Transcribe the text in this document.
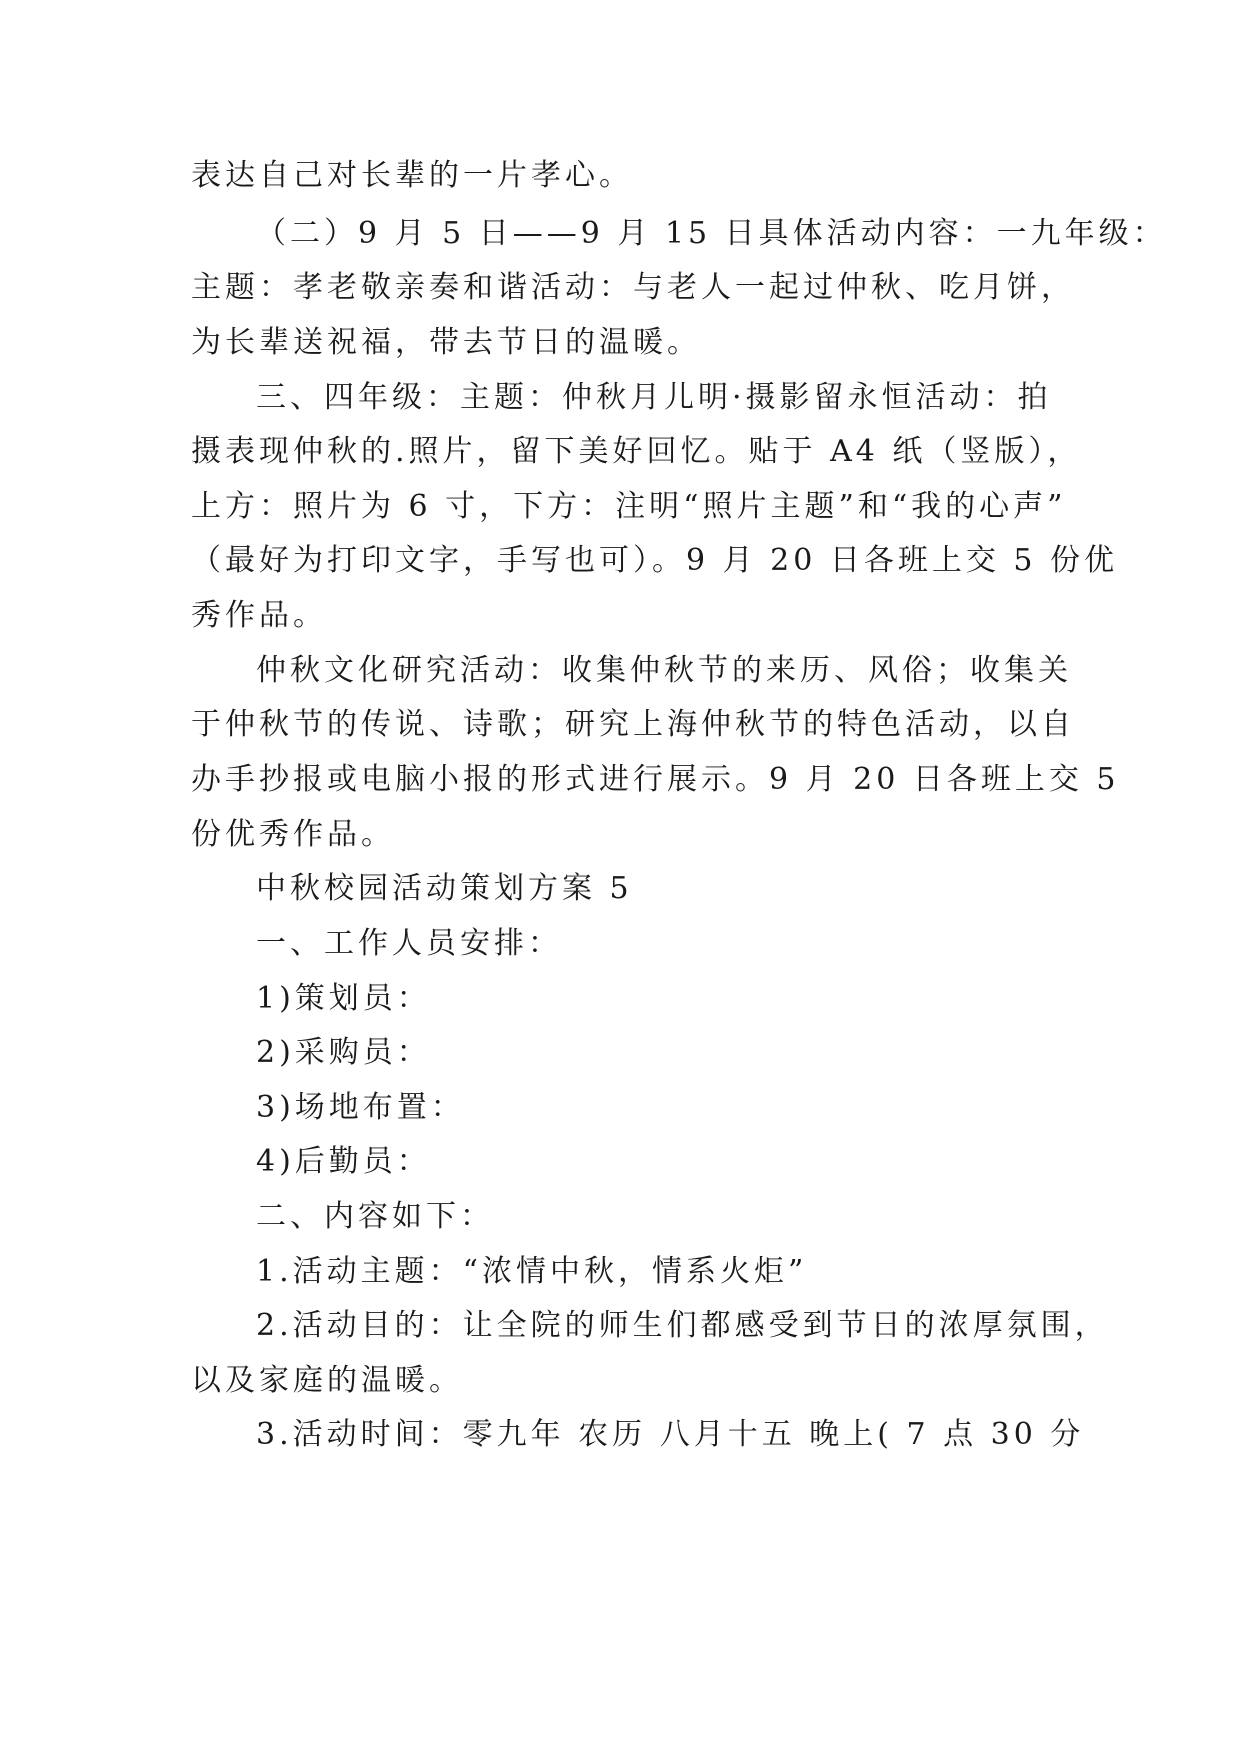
表达自己对长辈的一片孝心。
（二）9 月 5 日——9 月 15 日具体活动内容：一九年级：
主题：孝老敬亲奏和谐活动：与老人一起过仲秋、吃月饼，
为长辈送祝福，带去节日的温暖。
三、四年级：主题：仲秋月儿明·摄影留永恒活动：拍
摄表现仲秋的.照片，留下美好回忆。贴于 A4 纸（竖版），
上方：照片为 6 寸，下方：注明“照片主题”和“我的心声”
（最好为打印文字，手写也可）。9 月 20 日各班上交 5 份优
秀作品。
仲秋文化研究活动：收集仲秋节的来历、风俗；收集关
于仲秋节的传说、诗歌；研究上海仲秋节的特色活动，以自
办手抄报或电脑小报的形式进行展示。9 月 20 日各班上交 5
份优秀作品。
中秋校园活动策划方案 5
一、工作人员安排：
1)策划员：
2)采购员：
3)场地布置：
4)后勤员：
二、内容如下：
1.活动主题：“浓情中秋，情系火炬”
2.活动目的：让全院的师生们都感受到节日的浓厚氛围，
以及家庭的温暖。
3.活动时间：零九年 农历 八月十五 晚上( 7 点 30 分
